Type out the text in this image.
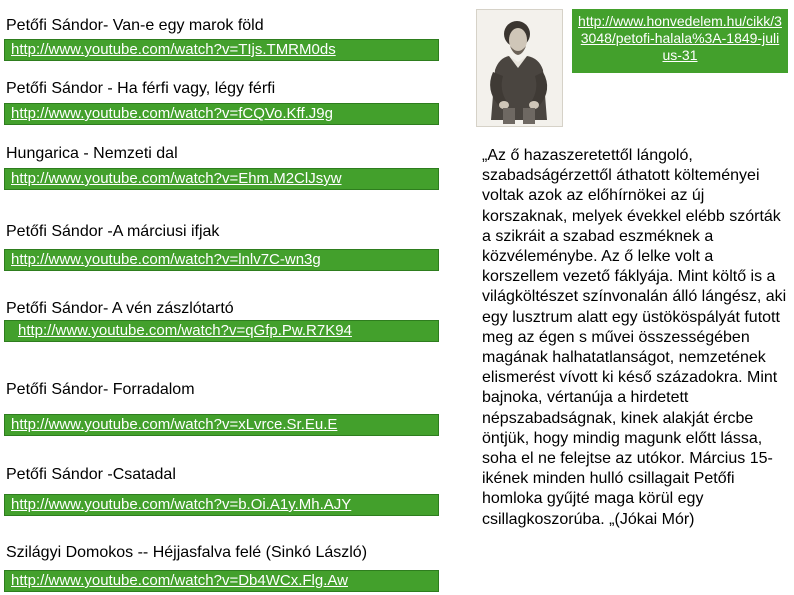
Petőfi Sándor- Van-e egy marok föld
http://www.youtube.com/watch?v=TIjs.TMRM0ds
Petőfi Sándor - Ha férfi vagy, légy férfi
http://www.youtube.com/watch?v=fCQVo.Kff.J9g
Hungarica - Nemzeti dal
http://www.youtube.com/watch?v=Ehm.M2ClJsyw
Petőfi Sándor -A márciusi ifjak
http://www.youtube.com/watch?v=lnlv7C-wn3g
Petőfi Sándor- A vén zászlótartó
http://www.youtube.com/watch?v=qGfp.Pw.R7K94
Petőfi Sándor- Forradalom
http://www.youtube.com/watch?v=xLvrce.Sr.Eu.E
Petőfi Sándor -Csatadal
http://www.youtube.com/watch?v=b.Oi.A1y.Mh.AJY
Szilágyi Domokos -- Héjjasfalva felé (Sinkó László)
http://www.youtube.com/watch?v=Db4WCx.Flg.Aw
http://www.honvedelem.hu/cikk/33048/petofi-halala%3A-1849-julius-31
„Az ő hazaszeretettől lángoló, szabadságérzettől áthatott költeményei voltak azok az előhírnökei az új korszaknak, melyek évekkel elébb szórták a szikráit a szabad eszméknek a közvéleménybe. Az ő lelke volt a korszellem vezető fáklyája. Mint költő is a világköltészet színvonalán álló lángész, aki egy lusztrum alatt egy üstököspályát futott meg az égen s művei összességében magának halhatatlanságot, nemzetének elismerést vívott ki késő századokra. Mint bajnoka, vértanúja a hirdetett népszabadságnak, kinek alakját ércbe öntjük, hogy mindig magunk előtt lássa, soha el ne felejtse az utókor. Március 15-ikének minden hulló csillagait Petőfi homloka gyűjté maga körül egy csillagkoszorúba. „(Jókai Mór)
